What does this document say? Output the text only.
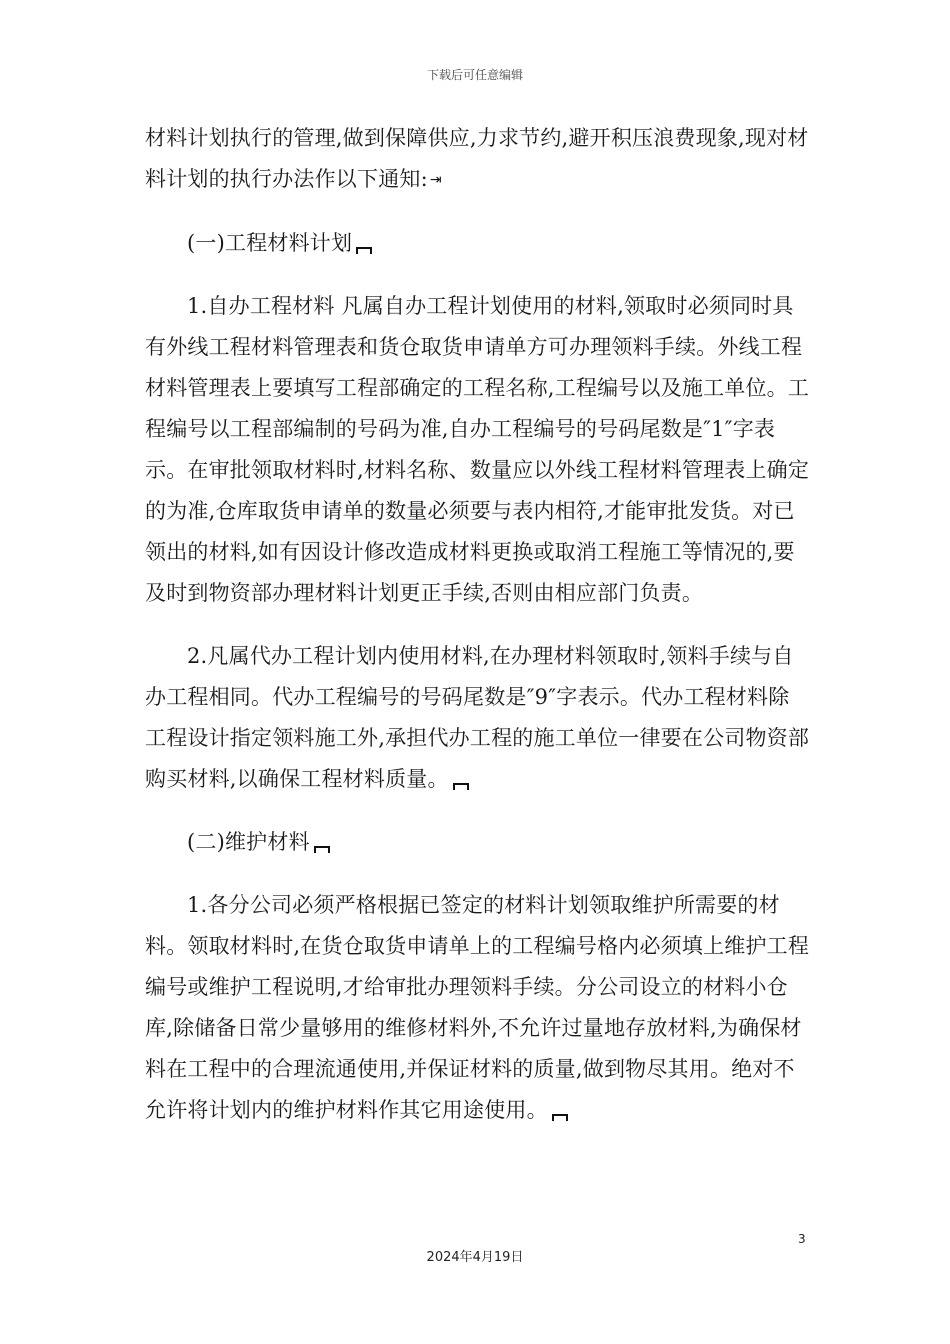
下载后可任意编辑

材料计划执行的管理,做到保障供应,力求节约,避开积压浪费现象,现对材料计划的执行办法作以下通知: ⇥

(一)工程材料计划

1.自办工程材料 凡属自办工程计划使用的材料,领取时必须同时具有外线工程材料管理表和货仓取货申请单方可办理领料手续。外线工程材料管理表上要填写工程部确定的工程名称,工程编号以及施工单位。工程编号以工程部编制的号码为准,自办工程编号的号码尾数是″1″字表示。在审批领取材料时,材料名称、数量应以外线工程材料管理表上确定的为准,仓库取货申请单的数量必须要与表内相符,才能审批发货。对已领出的材料,如有因设计修改造成材料更换或取消工程施工等情况的,要及时到物资部办理材料计划更正手续,否则由相应部门负责。

2.凡属代办工程计划内使用材料,在办理材料领取时,领料手续与自办工程相同。代办工程编号的号码尾数是″9″字表示。代办工程材料除工程设计指定领料施工外,承担代办工程的施工单位一律要在公司物资部购买材料,以确保工程材料质量。

(二)维护材料

1.各分公司必须严格根据已签定的材料计划领取维护所需要的材料。领取材料时,在货仓取货申请单上的工程编号格内必须填上维护工程编号或维护工程说明,才给审批办理领料手续。分公司设立的材料小仓库,除储备日常少量够用的维修材料外,不允许过量地存放材料,为确保材料在工程中的合理流通使用,并保证材料的质量,做到物尽其用。绝对不允许将计划内的维护材料作其它用途使用。

3
2024年4月19日
